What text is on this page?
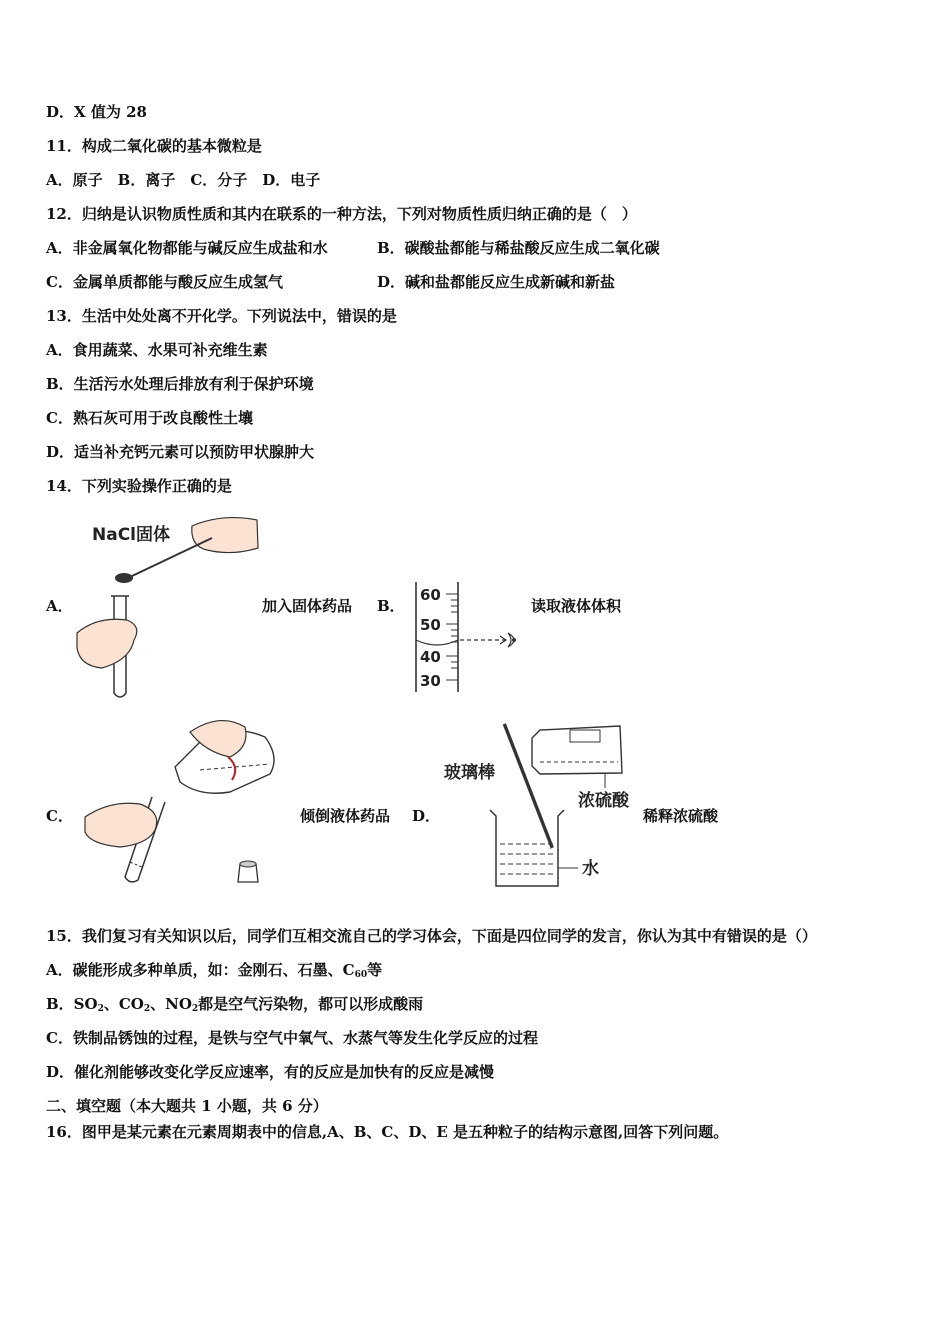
D．X 值为 28
11．构成二氧化碳的基本微粒是
A．原子　B．离子　C．分子　D．电子
12．归纳是认识物质性质和其内在联系的一种方法，下列对物质性质归纳正确的是（　）
A．非金属氧化物都能与碱反应生成盐和水	B．碳酸盐都能与稀盐酸反应生成二氧化碳
C．金属单质都能与酸反应生成氢气	D．碱和盐都能反应生成新碱和新盐
13．生活中处处离不开化学。下列说法中，错误的是
A．食用蔬菜、水果可补充维生素
B．生活污水处理后排放有利于保护环境
C．熟石灰可用于改良酸性土壤
D．适当补充钙元素可以预防甲状腺肿大
14．下列实验操作正确的是
A．
NaCl固体
加入固体药品 B．
60
50
40
30
读取液体体积
C．	倾倒液体药品 D．
玻璃棒
浓硫酸
水
稀释浓硫酸
15．我们复习有关知识以后，同学们互相交流自己的学习体会，下面是四位同学的发言，你认为其中有错误的是（）
A．碳能形成多种单质，如：金刚石、石墨、$C_{60}$等
B．$SO_2$、$CO_2$、$NO_2$都是空气污染物，都可以形成酸雨
C．铁制品锈蚀的过程，是铁与空气中氧气、水蒸气等发生化学反应的过程
D．催化剂能够改变化学反应速率，有的反应是加快有的反应是减慢
二、填空题（本大题共 1 小题，共 6 分）
16．图甲是某元素在元素周期表中的信息,A、B、C、D、E 是五种粒子的结构示意图,回答下列问题。
